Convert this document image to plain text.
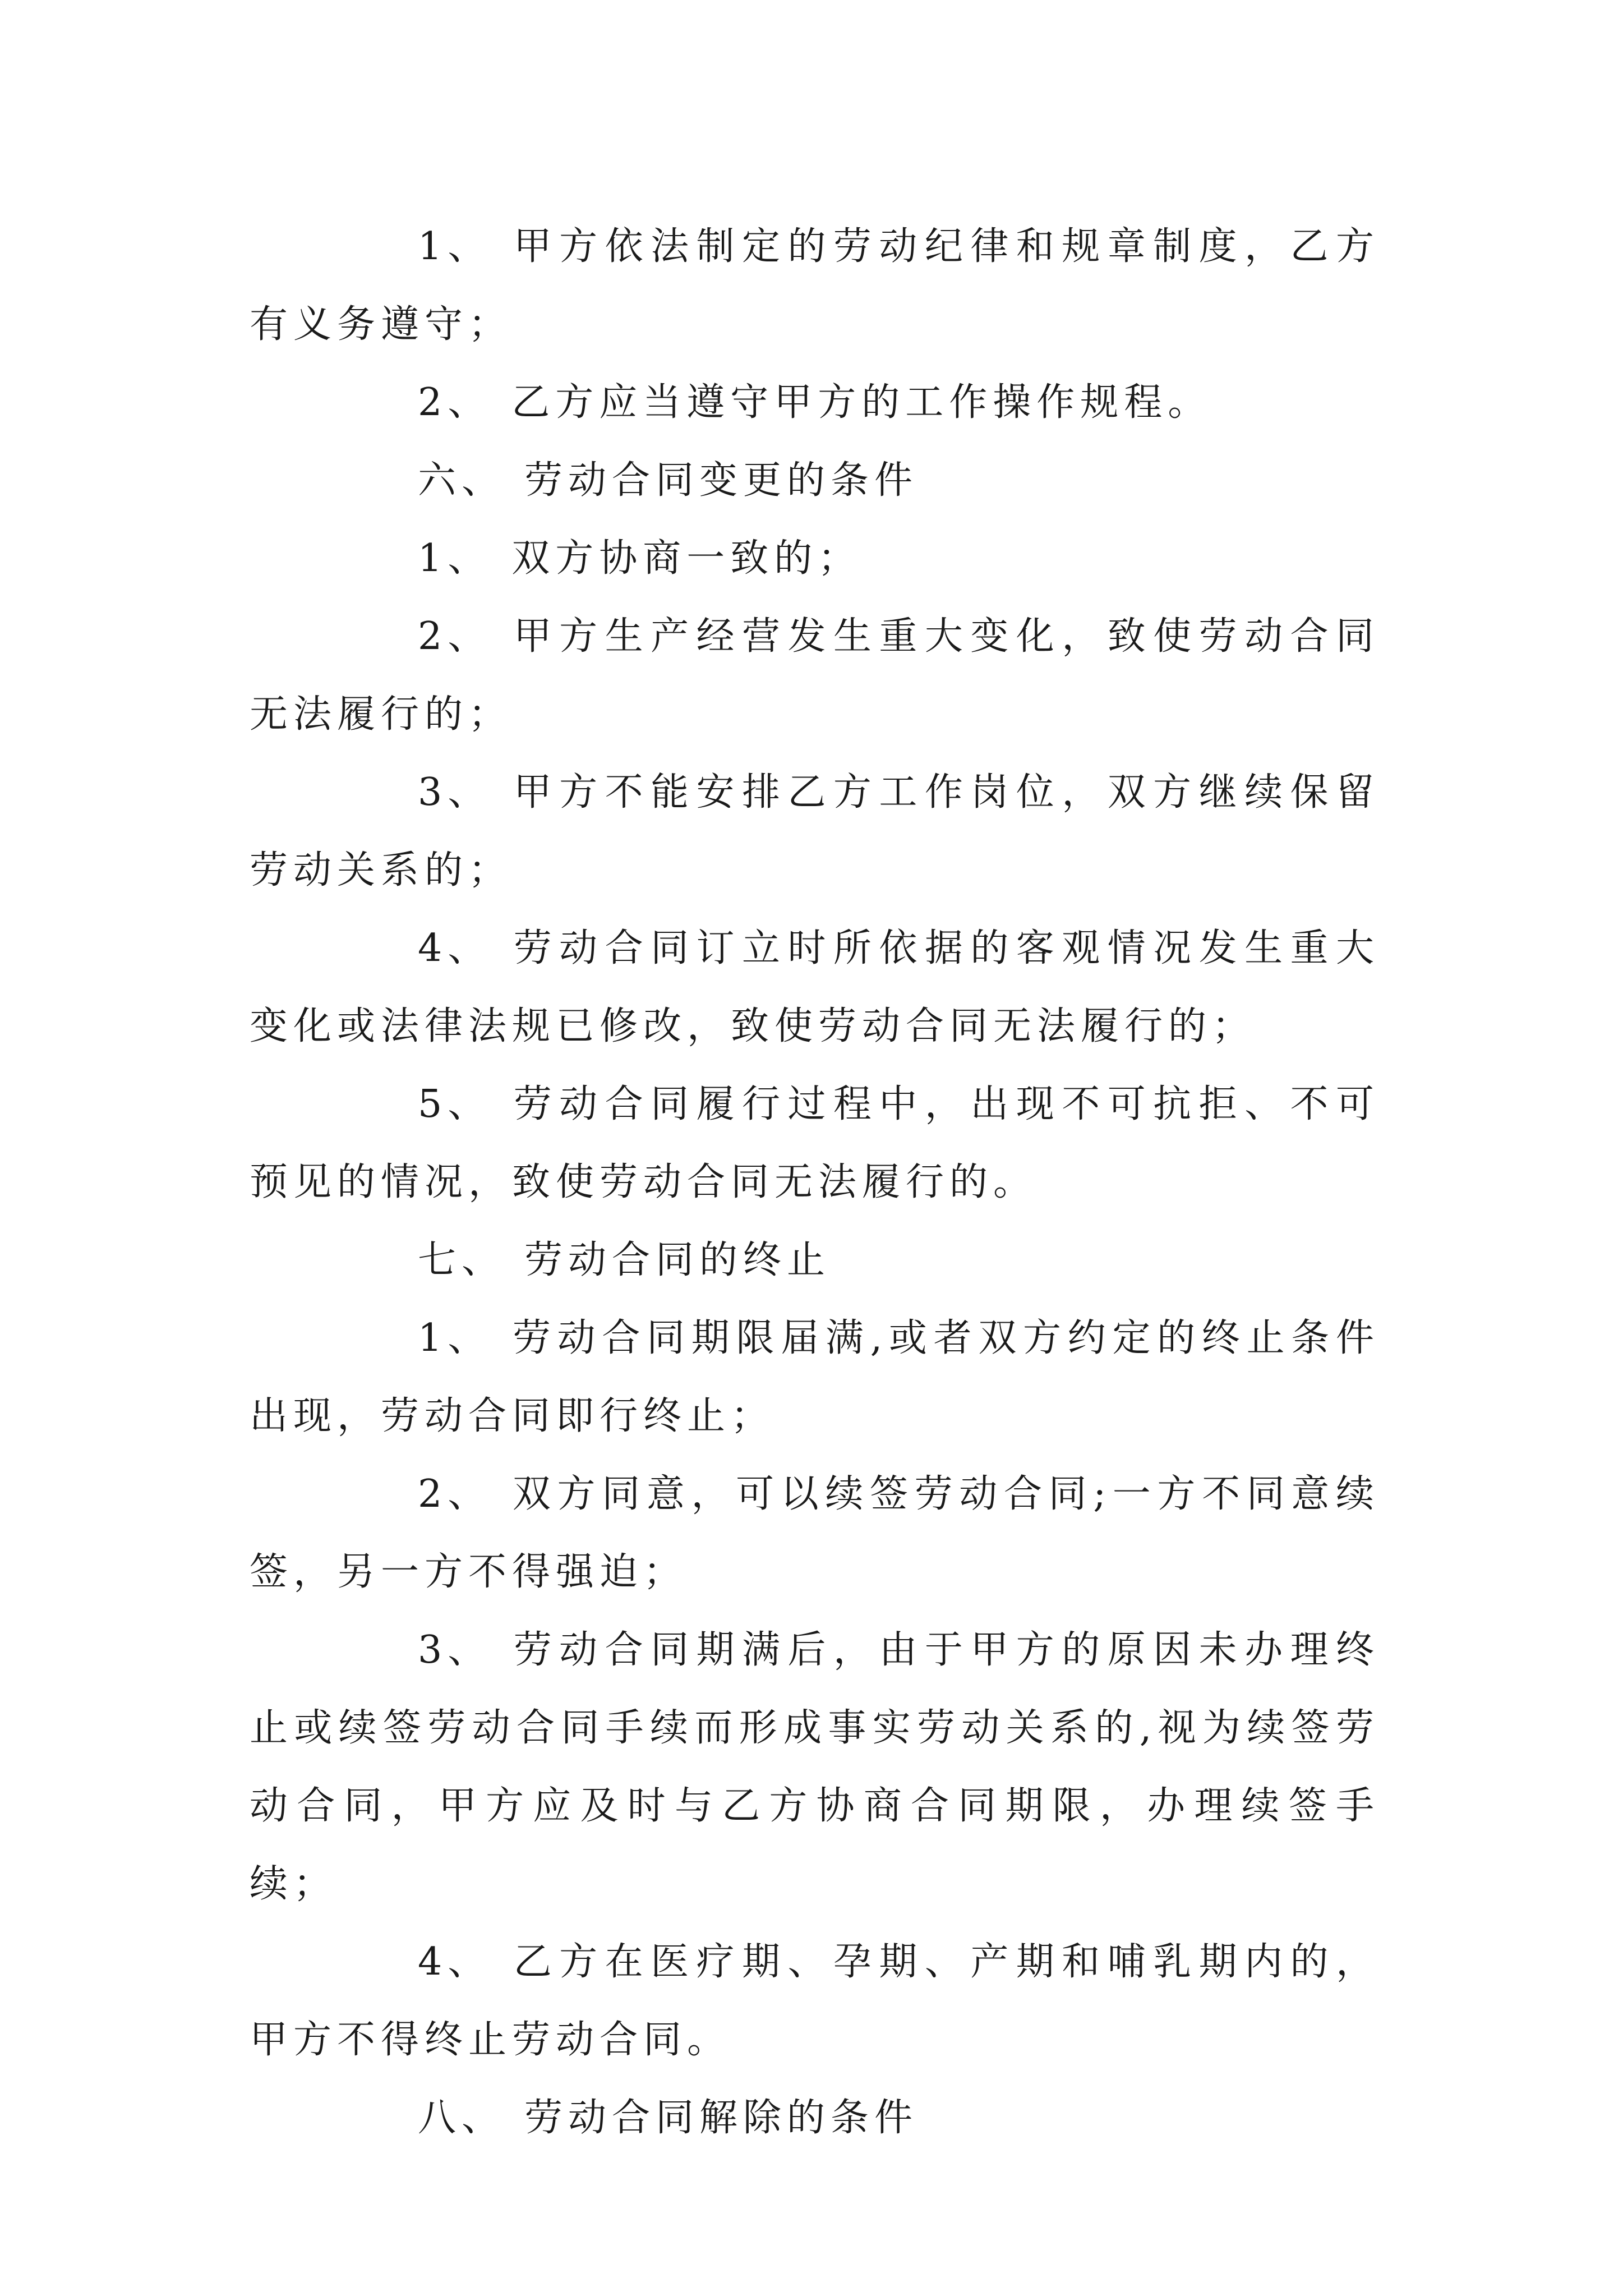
1、 甲方依法制定的劳动纪律和规章制度，乙方有义务遵守；

2、 乙方应当遵守甲方的工作操作规程。

六、 劳动合同变更的条件

1、 双方协商一致的；

2、 甲方生产经营发生重大变化，致使劳动合同无法履行的；

3、 甲方不能安排乙方工作岗位，双方继续保留劳动关系的；

4、 劳动合同订立时所依据的客观情况发生重大变化或法律法规已修改，致使劳动合同无法履行的；

5、 劳动合同履行过程中，出现不可抗拒、不可预见的情况，致使劳动合同无法履行的。

七、 劳动合同的终止

1、 劳动合同期限届满,或者双方约定的终止条件出现，劳动合同即行终止；

2、 双方同意，可以续签劳动合同;一方不同意续签，另一方不得强迫；

3、 劳动合同期满后，由于甲方的原因未办理终止或续签劳动合同手续而形成事实劳动关系的,视为续签劳动合同，甲方应及时与乙方协商合同期限，办理续签手续；

4、 乙方在医疗期、孕期、产期和哺乳期内的，甲方不得终止劳动合同。

八、 劳动合同解除的条件
